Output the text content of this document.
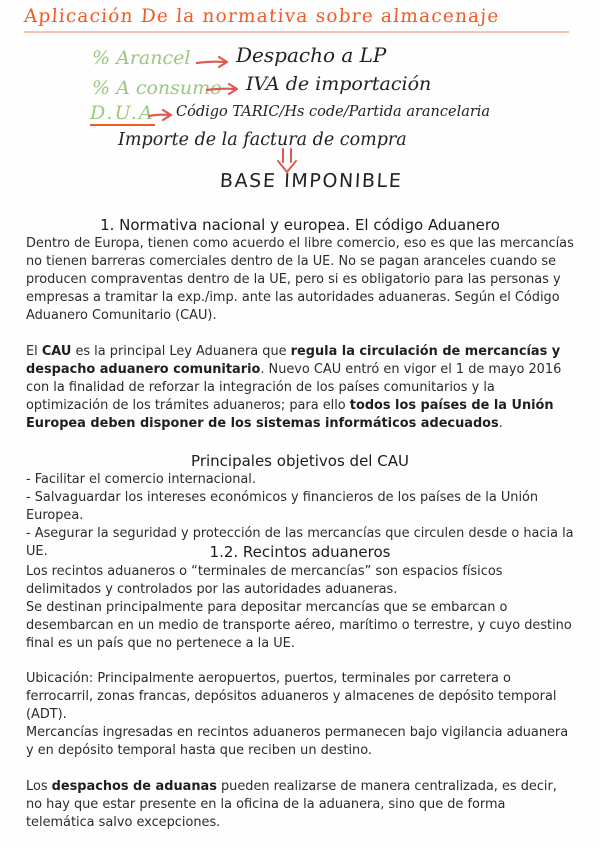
Aplicación De la normativa sobre almacenaje
% Arancel Despacho a LP
% A consumo IVA de importación
D.U.A Código TARIC/Hs code/Partida arancelaria
Importe de la factura de compra
BASE IMPONIBLE
1. Normativa nacional y europea. El código Aduanero

Dentro de Europa, tienen como acuerdo el libre comercio, eso es que las mercancías no tienen barreras comerciales dentro de la UE. No se pagan aranceles cuando se producen compraventas dentro de la UE, pero si es obligatorio para las personas y empresas a tramitar la exp./imp. ante las autoridades aduaneras. Según el Código Aduanero Comunitario (CAU).

El CAU es la principal Ley Aduanera que regula la circulación de mercancías y despacho aduanero comunitario. Nuevo CAU entró en vigor el 1 de mayo 2016 con la finalidad de reforzar la integración de los países comunitarios y la optimización de los trámites aduaneros; para ello todos los países de la Unión Europea deben disponer de los sistemas informáticos adecuados.

Principales objetivos del CAU
- Facilitar el comercio internacional.
- Salvaguardar los intereses económicos y financieros de los países de la Unión Europea.
- Asegurar la seguridad y protección de las mercancías que circulen desde o hacia la UE.	1.2. Recintos aduaneros

Los recintos aduaneros o “terminales de mercancías” son espacios físicos delimitados y controlados por las autoridades aduaneras.

Se destinan principalmente para depositar mercancías que se embarcan o desembarcan en un medio de transporte aéreo, marítimo o terrestre, y cuyo destino final es un país que no pertenece a la UE.

Ubicación: Principalmente aeropuertos, puertos, terminales por carretera o ferrocarril, zonas francas, depósitos aduaneros y almacenes de depósito temporal (ADT).

Mercancías ingresadas en recintos aduaneros permanecen bajo vigilancia aduanera y en depósito temporal hasta que reciben un destino.

Los despachos de aduanas pueden realizarse de manera centralizada, es decir, no hay que estar presente en la oficina de la aduanera, sino que de forma telemática salvo excepciones.
